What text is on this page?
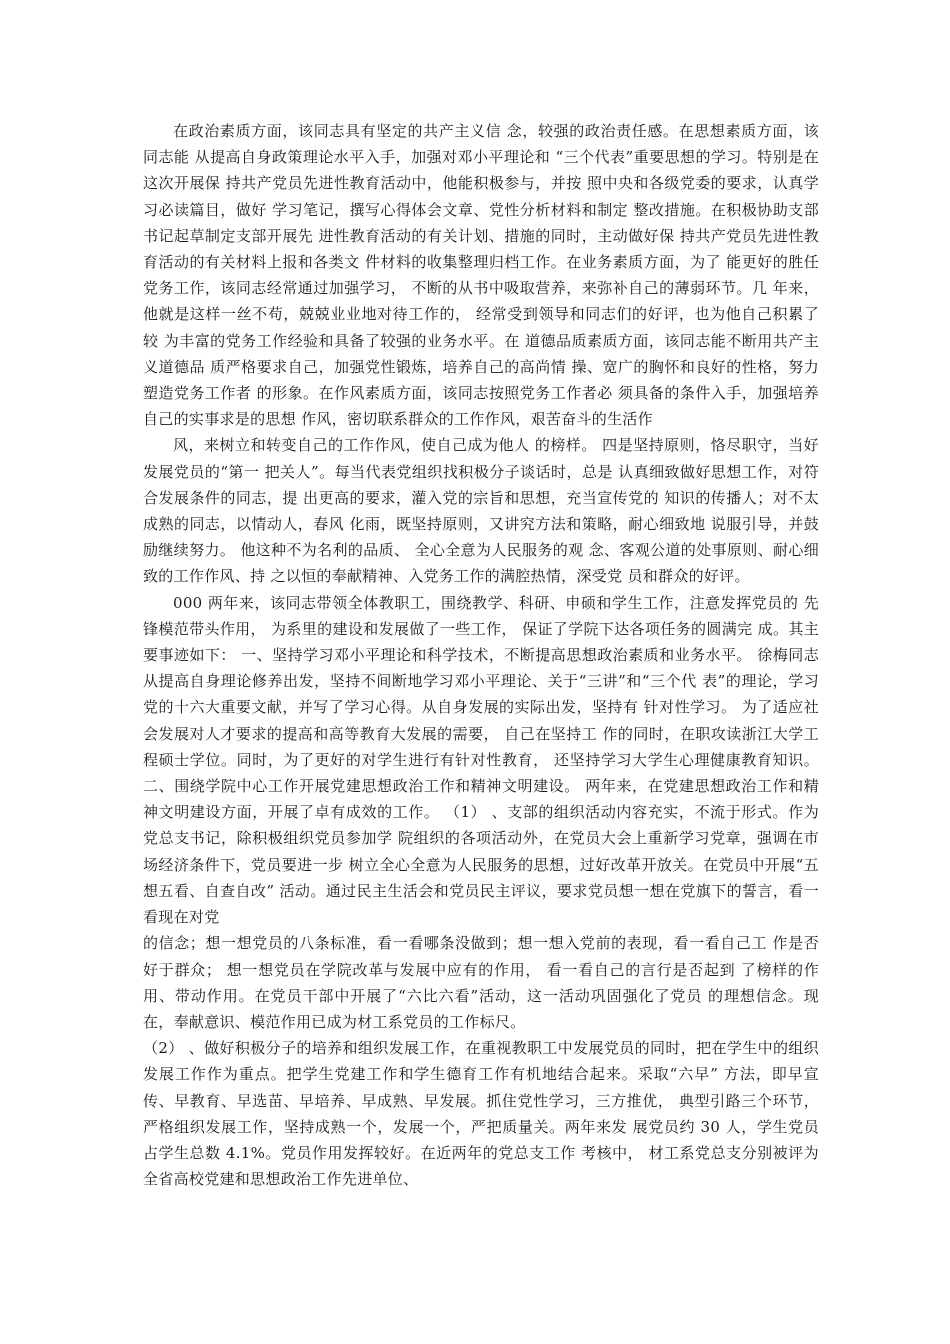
在政治素质方面，该同志具有坚定的共产主义信 念，较强的政治责任感。在思想素质方面，该同志能 从提高自身政策理论水平入手，加强对邓小平理论和 “三个代表”重要思想的学习。特别是在这次开展保 持共产党员先进性教育活动中，他能积极参与，并按 照中央和各级党委的要求，认真学习必读篇目，做好 学习笔记，撰写心得体会文章、党性分析材料和制定 整改措施。在积极协助支部书记起草制定支部开展先 进性教育活动的有关计划、措施的同时，主动做好保 持共产党员先进性教育活动的有关材料上报和各类文 件材料的收集整理归档工作。在业务素质方面，为了 能更好的胜任党务工作，该同志经常通过加强学习， 不断的从书中吸取营养，来弥补自己的薄弱环节。几 年来， 他就是这样一丝不苟，兢兢业业地对待工作的， 经常受到领导和同志们的好评，也为他自己积累了较 为丰富的党务工作经验和具备了较强的业务水平。在 道德品质素质方面，该同志能不断用共产主义道德品 质严格要求自己，加强党性锻炼，培养自己的高尚情 操、宽广的胸怀和良好的性格，努力塑造党务工作者 的形象。在作风素质方面，该同志按照党务工作者必 须具备的条件入手，加强培养自己的实事求是的思想 作风，密切联系群众的工作作风，艰苦奋斗的生活作

风，来树立和转变自己的工作作风，使自己成为他人 的榜样。 四是坚持原则，恪尽职守，当好发展党员的“第一 把关人”。每当代表党组织找积极分子谈话时，总是 认真细致做好思想工作，对符合发展条件的同志，提 出更高的要求，灌入党的宗旨和思想，充当宣传党的 知识的传播人；对不太成熟的同志，以情动人，春风 化雨，既坚持原则，又讲究方法和策略，耐心细致地 说服引导，并鼓励继续努力。 他这种不为名利的品质、 全心全意为人民服务的观 念、客观公道的处事原则、耐心细致的工作作风、持 之以恒的奉献精神、入党务工作的满腔热情，深受党 员和群众的好评。

000 两年来，该同志带领全体教职工，围绕教学、科研、申硕和学生工作，注意发挥党员的 先锋模范带头作用， 为系里的建设和发展做了一些工作， 保证了学院下达各项任务的圆满完 成。其主要事迹如下： 一、坚持学习邓小平理论和科学技术，不断提高思想政治素质和业务水平。 徐梅同志从提高自身理论修养出发，坚持不间断地学习邓小平理论、关于“三讲”和“三个代 表”的理论，学习党的十六大重要文献，并写了学习心得。从自身发展的实际出发，坚持有 针对性学习。 为了适应社会发展对人才要求的提高和高等教育大发展的需要， 自己在坚持工 作的同时，在职攻读浙江大学工程硕士学位。同时，为了更好的对学生进行有针对性教育， 还坚持学习大学生心理健康教育知识。 二、围绕学院中心工作开展党建思想政治工作和精神文明建设。 两年来，在党建思想政治工作和精神文明建设方面，开展了卓有成效的工作。 （1） 、支部的组织活动内容充实，不流于形式。作为党总支书记，除积极组织党员参加学 院组织的各项活动外，在党员大会上重新学习党章，强调在市场经济条件下，党员要进一步 树立全心全意为人民服务的思想，过好改革开放关。在党员中开展“五想五看、自查自改” 活动。通过民主生活会和党员民主评议，要求党员想一想在党旗下的誓言，看一看现在对党

的信念；想一想党员的八条标准，看一看哪条没做到；想一想入党前的表现，看一看自己工 作是否好于群众； 想一想党员在学院改革与发展中应有的作用， 看一看自己的言行是否起到 了榜样的作用、带动作用。在党员干部中开展了“六比六看”活动，这一活动巩固强化了党员 的理想信念。现在，奉献意识、模范作用已成为材工系党员的工作标尺。

（2） 、做好积极分子的培养和组织发展工作，在重视教职工中发展党员的同时，把在学生中的组织发展工作作为重点。把学生党建工作和学生德育工作有机地结合起来。采取“六早” 方法，即早宣传、早教育、早选苗、早培养、早成熟、早发展。抓住党性学习，三方推优， 典型引路三个环节，严格组织发展工作，坚持成熟一个，发展一个，严把质量关。两年来发 展党员约 30 人，学生党员占学生总数 4.1%。党员作用发挥较好。在近两年的党总支工作 考核中， 材工系党总支分别被评为全省高校党建和思想政治工作先进单位、
